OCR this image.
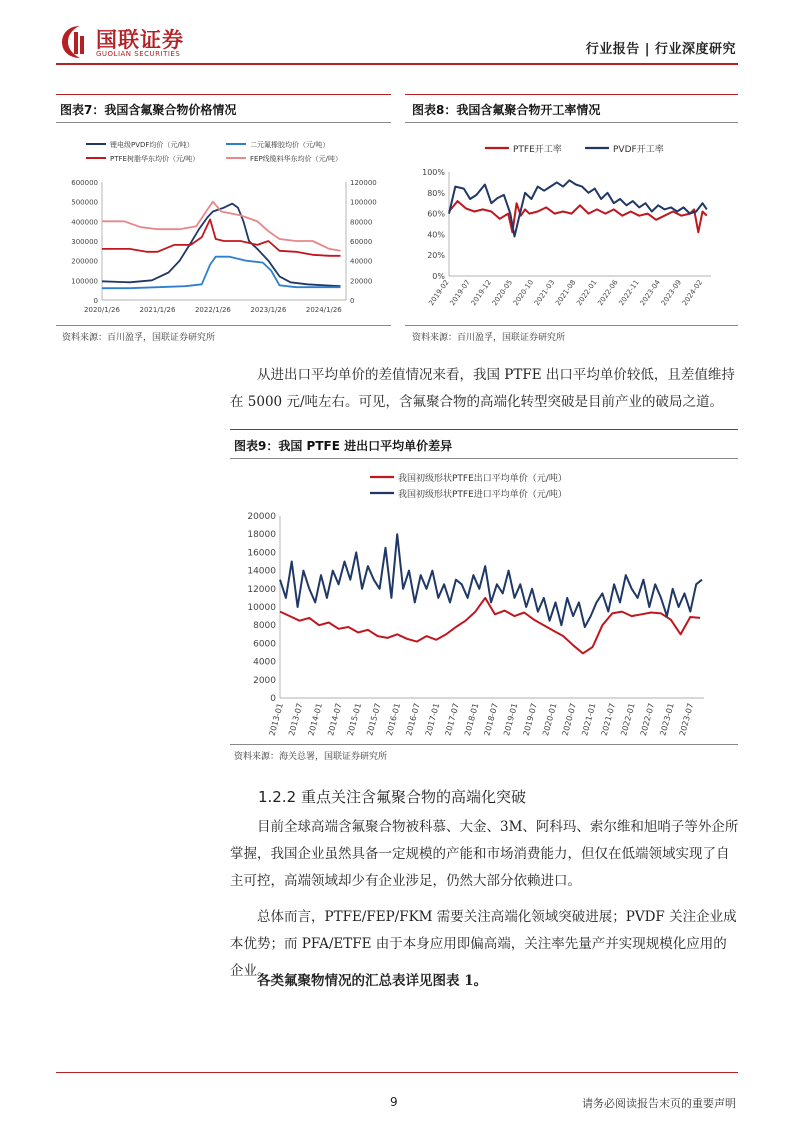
国联证券
GUOLIAN SECURITIES	行业报告 | 行业深度研究
图表7：我国含氟聚合物价格情况
锂电级PVDF均价（元/吨）	二元氟橡胶均价（元/吨）
PTFE树脂华东均价（元/吨）	FEP线缆料华东均价（元/吨）
600000
500000
400000
300000
200000
100000
0
120000
100000
80000
60000
40000
20000
0
2020/1/26	2021/1/26	2022/1/26	2023/1/26	2024/1/26
资料来源：百川盈孚，国联证券研究所
图表8：我国含氟聚合物开工率情况
PTFE开工率	PVDF开工率
100%
80%
60%
40%
20%
0%
2019-02
2019-07
2019-12
2020-05
2020-10
2021-03
2021-08
2022-01
2022-06
2022-11
2023-04
2023-09
2024-02
资料来源：百川盈孚，国联证券研究所
从进出口平均单价的差值情况来看，我国 PTFE 出口平均单价较低，且差值维持在 5000 元/吨左右。可见，含氟聚合物的高端化转型突破是目前产业的破局之道。
图表9：我国 PTFE 进出口平均单价差异
我国初级形状PTFE出口平均单价（元/吨）
我国初级形状PTFE进口平均单价（元/吨）
20000
18000
16000
14000
12000
10000
8000
6000
4000
2000
0
2013-01 2013-07 2014-01 2014-07 2015-01 2015-07 2016-01 2016-07 2017-01 2017-07 2018-01 2018-07 2019-01 2019-07 2020-01 2020-07 2021-01 2021-07 2022-01 2022-07 2023-01 2023-07
资料来源：海关总署，国联证券研究所
1.2.2 重点关注含氟聚合物的高端化突破
目前全球高端含氟聚合物被科慕、大金、3M、阿科玛、索尔维和旭哨子等外企所掌握，我国企业虽然具备一定规模的产能和市场消费能力，但仅在低端领域实现了自主可控，高端领域却少有企业涉足，仍然大部分依赖进口。
总体而言，PTFE/FEP/FKM 需要关注高端化领域突破进展；PVDF 关注企业成本优势；而 PFA/ETFE 由于本身应用即偏高端，关注率先量产并实现规模化应用的企业。
各类氟聚物情况的汇总表详见图表 1。
9	请务必阅读报告末页的重要声明
